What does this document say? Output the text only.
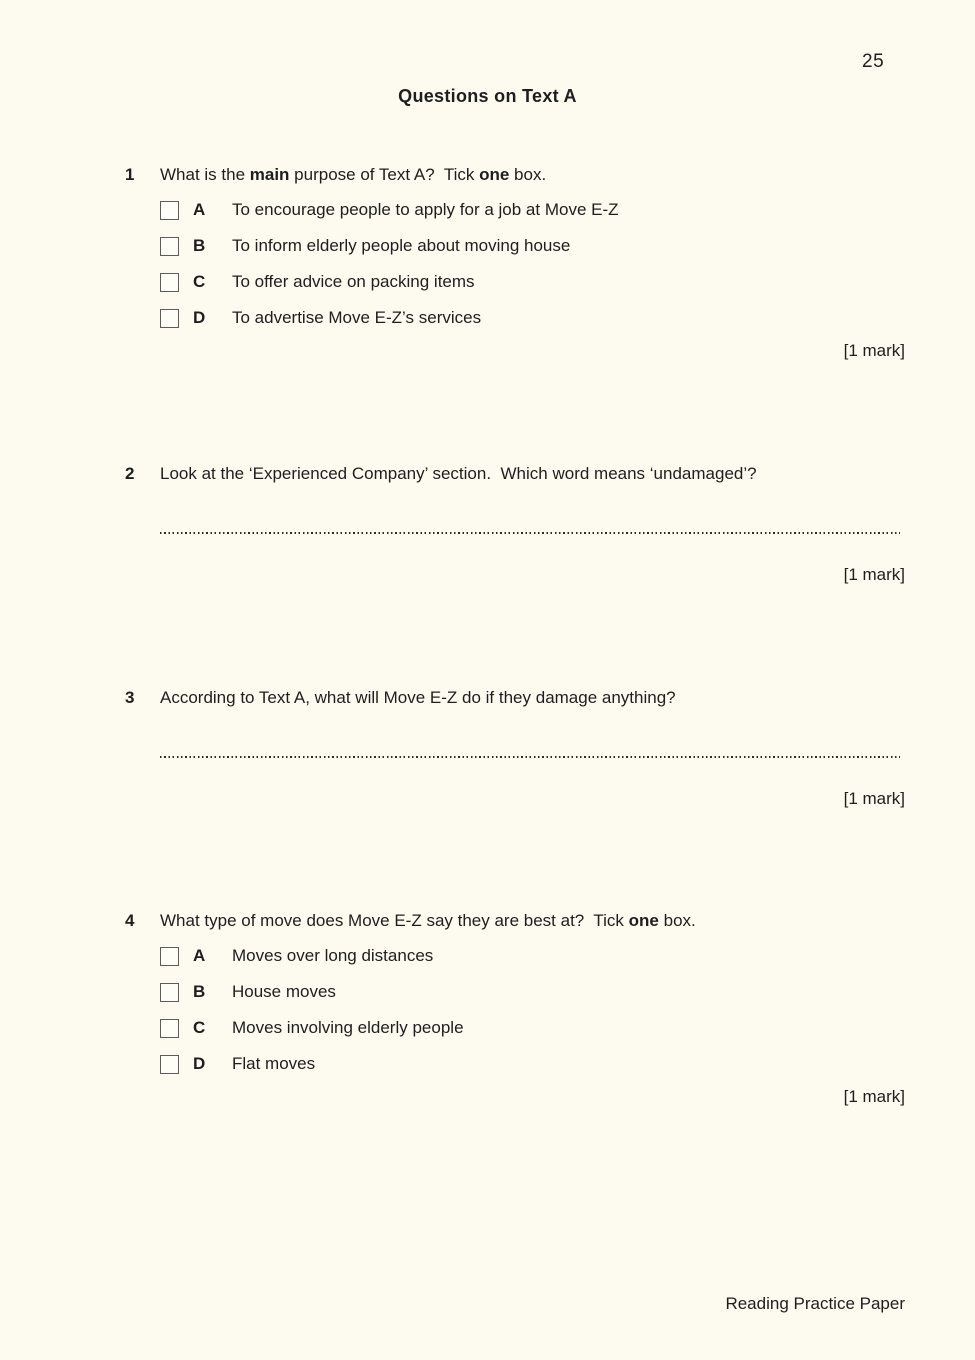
25
Questions on Text A
1 What is the main purpose of Text A?  Tick one box.
A	To encourage people to apply for a job at Move E-Z
B	To inform elderly people about moving house
C	To offer advice on packing items
D	To advertise Move E-Z’s services
[1 mark]
2 Look at the ‘Experienced Company’ section.  Which word means ‘undamaged’?
[1 mark]
3 According to Text A, what will Move E-Z do if they damage anything?
[1 mark]
4 What type of move does Move E-Z say they are best at?  Tick one box.
A	Moves over long distances
B	House moves
C	Moves involving elderly people
D	Flat moves
[1 mark]
Reading Practice Paper
